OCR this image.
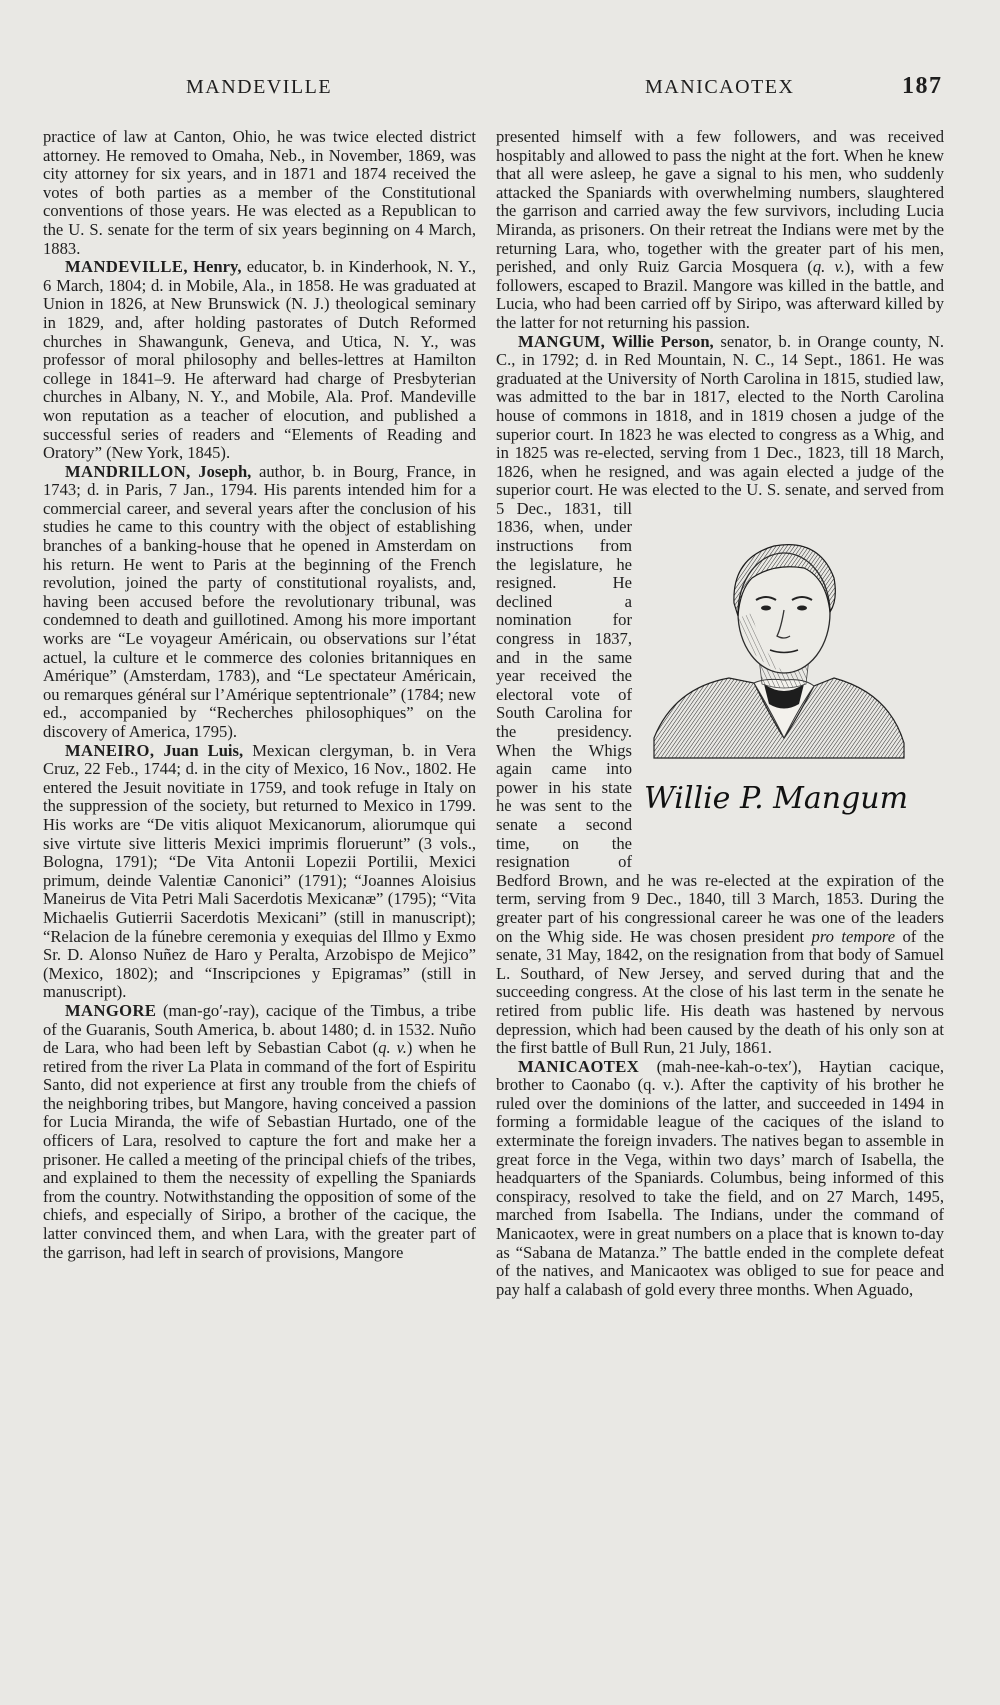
MANDEVILLE	MANICAOTEX	187

practice of law at Canton, Ohio, he was twice elected district attorney. He removed to Omaha, Neb., in November, 1869, was city attorney for six years, and in 1871 and 1874 received the votes of both parties as a member of the Constitutional conventions of those years. He was elected as a Republican to the U. S. senate for the term of six years beginning on 4 March, 1883.

MANDEVILLE, Henry, educator, b. in Kinderhook, N. Y., 6 March, 1804; d. in Mobile, Ala., in 1858. He was graduated at Union in 1826, at New Brunswick (N. J.) theological seminary in 1829, and, after holding pastorates of Dutch Reformed churches in Shawangunk, Geneva, and Utica, N. Y., was professor of moral philosophy and belles-lettres at Hamilton college in 1841–9. He afterward had charge of Presbyterian churches in Albany, N. Y., and Mobile, Ala. Prof. Mandeville won reputation as a teacher of elocution, and published a successful series of readers and “Elements of Reading and Oratory” (New York, 1845).

MANDRILLON, Joseph, author, b. in Bourg, France, in 1743; d. in Paris, 7 Jan., 1794. His parents intended him for a commercial career, and several years after the conclusion of his studies he came to this country with the object of establishing branches of a banking-house that he opened in Amsterdam on his return. He went to Paris at the beginning of the French revolution, joined the party of constitutional royalists, and, having been accused before the revolutionary tribunal, was condemned to death and guillotined. Among his more important works are “Le voyageur Américain, ou observations sur l’état actuel, la culture et le commerce des colonies britanniques en Amérique” (Amsterdam, 1783), and “Le spectateur Américain, ou remarques général sur l’Amérique septentrionale” (1784; new ed., accompanied by “Recherches philosophiques” on the discovery of America, 1795).

MANEIRO, Juan Luis, Mexican clergyman, b. in Vera Cruz, 22 Feb., 1744; d. in the city of Mexico, 16 Nov., 1802. He entered the Jesuit novitiate in 1759, and took refuge in Italy on the suppression of the society, but returned to Mexico in 1799. His works are “De vitis aliquot Mexicanorum, aliorumque qui sive virtute sive litteris Mexici imprimis floruerunt” (3 vols., Bologna, 1791); “De Vita Antonii Lopezii Portilii, Mexici primum, deinde Valentiæ Canonici” (1791); “Joannes Aloisius Maneirus de Vita Petri Mali Sacerdotis Mexicanæ” (1795); “Vita Michaelis Gutierrii Sacerdotis Mexicani” (still in manuscript); “Relacion de la fúnebre ceremonia y exequias del Illmo y Exmo Sr. D. Alonso Nuñez de Haro y Peralta, Arzobispo de Mejico” (Mexico, 1802); and “Inscripciones y Epigramas” (still in manuscript).

MANGORE (man-go′-ray), cacique of the Timbus, a tribe of the Guaranis, South America, b. about 1480; d. in 1532. Nuño de Lara, who had been left by Sebastian Cabot (q. v.) when he retired from the river La Plata in command of the fort of Espiritu Santo, did not experience at first any trouble from the chiefs of the neighboring tribes, but Mangore, having conceived a passion for Lucia Miranda, the wife of Sebastian Hurtado, one of the officers of Lara, resolved to capture the fort and make her a prisoner. He called a meeting of the principal chiefs of the tribes, and explained to them the necessity of expelling the Spaniards from the country. Notwithstanding the opposition of some of the chiefs, and especially of Siripo, a brother of the cacique, the latter convinced them, and when Lara, with the greater part of the garrison, had left in search of provisions, Mangore

presented himself with a few followers, and was received hospitably and allowed to pass the night at the fort. When he knew that all were asleep, he gave a signal to his men, who suddenly attacked the Spaniards with overwhelming numbers, slaughtered the garrison and carried away the few survivors, including Lucia Miranda, as prisoners. On their retreat the Indians were met by the returning Lara, who, together with the greater part of his men, perished, and only Ruiz Garcia Mosquera (q. v.), with a few followers, escaped to Brazil. Mangore was killed in the battle, and Lucia, who had been carried off by Siripo, was afterward killed by the latter for not returning his passion.

MANGUM, Willie Person, senator, b. in Orange county, N. C., in 1792; d. in Red Mountain, N. C., 14 Sept., 1861. He was graduated at the University of North Carolina in 1815, studied law, was admitted to the bar in 1817, elected to the North Carolina house of commons in 1818, and in 1819 chosen a judge of the superior court. In 1823 he was elected to congress as a Whig, and in 1825 was re-elected, serving from 1 Dec., 1823, till 18 March, 1826, when he resigned, and was again elected a judge of the superior court. He was elected to the U. S. senate, and served from 5 Dec., 1831, till
1836, when, under instructions from the legislature, he resigned. He declined a nomination for congress in 1837, and in the same year received the electoral vote of South Carolina for the presidency. When the Whigs again came into power in his state he was sent to the senate a second time, on the resignation of Bedford Brown, and he was re-elected at the expiration of the term, serving from 9 Dec., 1840, till 3 March, 1853. During the greater part of his congressional career he was one of the leaders on the Whig side. He was chosen president pro tempore of the senate, 31 May, 1842, on the resignation from that body of Samuel L. Southard, of New Jersey, and served during that and the succeeding congress. At the close of his last term in the senate he retired from public life. His death was hastened by nervous depression, which had been caused by the death of his only son at the first battle of Bull Run, 21 July, 1861.

MANICAOTEX (mah-nee-kah-o-tex′), Haytian cacique, brother to Caonabo (q. v.). After the captivity of his brother he ruled over the dominions of the latter, and succeeded in 1494 in forming a formidable league of the caciques of the island to exterminate the foreign invaders. The natives began to assemble in great force in the Vega, within two days’ march of Isabella, the headquarters of the Spaniards. Columbus, being informed of this conspiracy, resolved to take the field, and on 27 March, 1495, marched from Isabella. The Indians, under the command of Manicaotex, were in great numbers on a place that is known to-day as “Sabana de Matanza.” The battle ended in the complete defeat of the natives, and Manicaotex was obliged to sue for peace and pay half a calabash of gold every three months. When Aguado,

Willie P. Mangum
